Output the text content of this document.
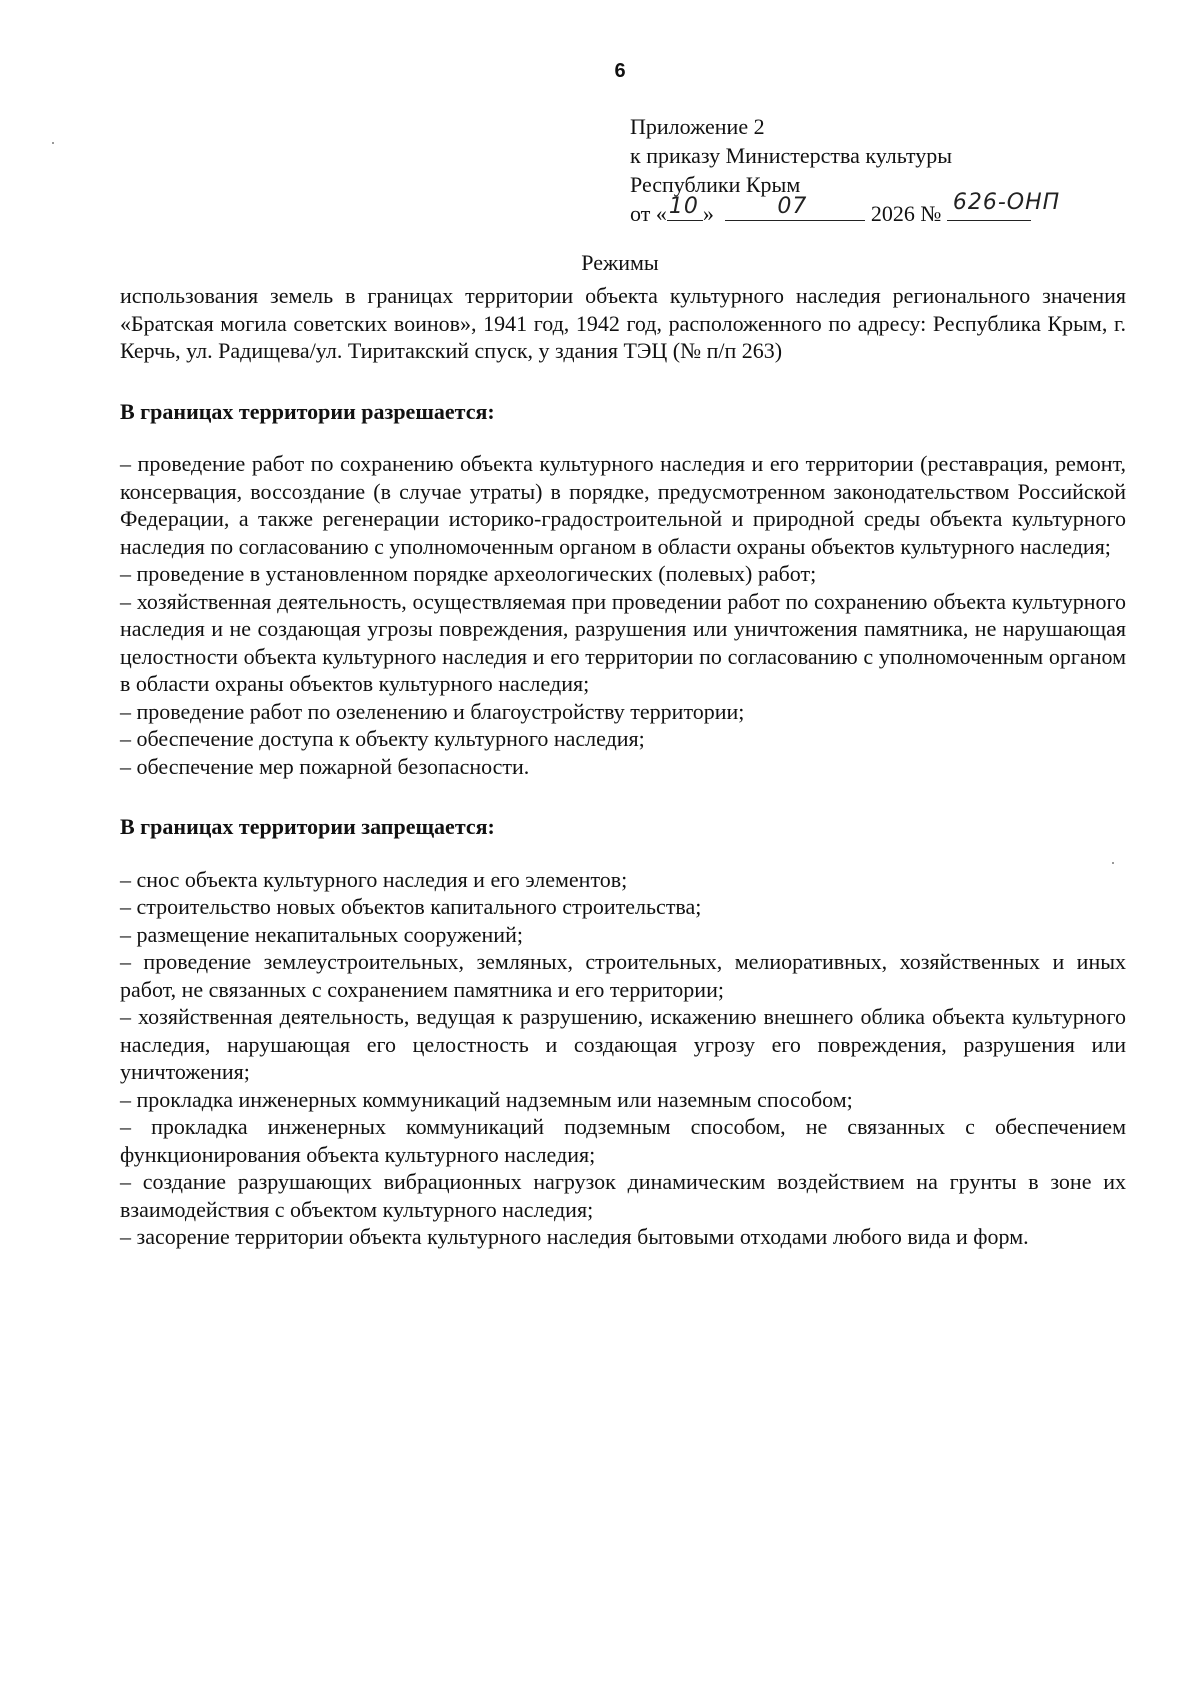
6
Приложение 2
к приказу Министерства культуры
Республики Крым
от « 10 »	07	2026 № 626-ОНП
Режимы

использования земель в границах территории объекта культурного наследия регионального значения «Братская могила советских воинов», 1941 год, 1942 год, расположенного по адресу: Республика Крым, г. Керчь, ул. Радищева/ул. Тиритакский спуск, у здания ТЭЦ (№ п/п 263)

В границах территории разрешается:

– проведение работ по сохранению объекта культурного наследия и его территории (реставрация, ремонт, консервация, воссоздание (в случае утраты) в порядке, предусмотренном законодательством Российской Федерации, а также регенерации историко-градостроительной и природной среды объекта культурного наследия по согласованию с уполномоченным органом в области охраны объектов культурного наследия;

– проведение в установленном порядке археологических (полевых) работ;

– хозяйственная деятельность, осуществляемая при проведении работ по сохранению объекта культурного наследия и не создающая угрозы повреждения, разрушения или уничтожения памятника, не нарушающая целостности объекта культурного наследия и его территории по согласованию с уполномоченным органом в области охраны объектов культурного наследия;

– проведение работ по озеленению и благоустройству территории;

– обеспечение доступа к объекту культурного наследия;

– обеспечение мер пожарной безопасности.

В границах территории запрещается:

– снос объекта культурного наследия и его элементов;

– строительство новых объектов капитального строительства;

– размещение некапитальных сооружений;

– проведение землеустроительных, земляных, строительных, мелиоративных, хозяйственных и иных работ, не связанных с сохранением памятника и его территории;

– хозяйственная деятельность, ведущая к разрушению, искажению внешнего облика объекта культурного наследия, нарушающая его целостность и создающая угрозу его повреждения, разрушения или уничтожения;

– прокладка инженерных коммуникаций надземным или наземным способом;

– прокладка инженерных коммуникаций подземным способом, не связанных с обеспечением функционирования объекта культурного наследия;

– создание разрушающих вибрационных нагрузок динамическим воздействием на грунты в зоне их взаимодействия с объектом культурного наследия;

– засорение территории объекта культурного наследия бытовыми отходами любого вида и форм.
